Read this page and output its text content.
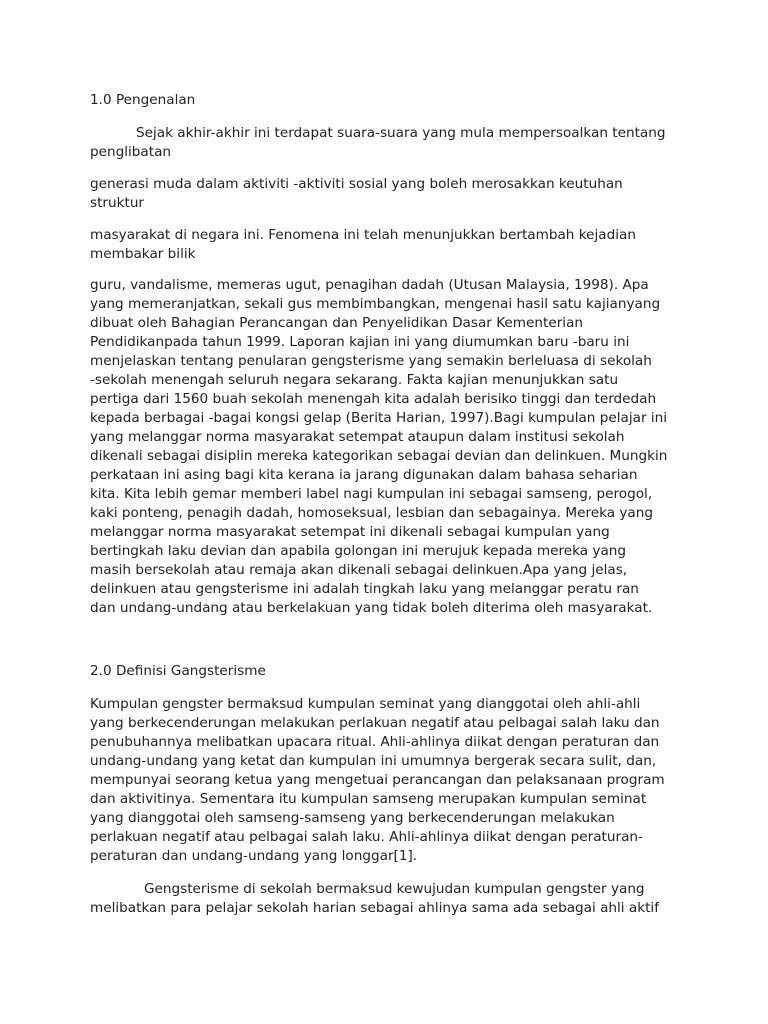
1.0 Pengenalan
Sejak akhir-akhir ini terdapat suara-suara yang mula mempersoalkan tentang
penglibatan
generasi muda dalam aktiviti -aktiviti sosial yang boleh merosakkan keutuhan
struktur
masyarakat di negara ini. Fenomena ini telah menunjukkan bertambah kejadian
membakar bilik
guru, vandalisme, memeras ugut, penagihan dadah (Utusan Malaysia, 1998). Apa
yang memeranjatkan, sekali gus membimbangkan, mengenai hasil satu kajianyang
dibuat oleh Bahagian Perancangan dan Penyelidikan Dasar Kementerian
Pendidikanpada tahun 1999. Laporan kajian ini yang diumumkan baru -baru ini
menjelaskan tentang penularan gengsterisme yang semakin berleluasa di sekolah
-sekolah menengah seluruh negara sekarang. Fakta kajian menunjukkan satu
pertiga dari 1560 buah sekolah menengah kita adalah berisiko tinggi dan terdedah
kepada berbagai -bagai kongsi gelap (Berita Harian, 1997).Bagi kumpulan pelajar ini
yang melanggar norma masyarakat setempat ataupun dalam institusi sekolah
dikenali sebagai disiplin mereka kategorikan sebagai devian dan delinkuen. Mungkin
perkataan ini asing bagi kita kerana ia jarang digunakan dalam bahasa seharian
kita. Kita lebih gemar memberi label nagi kumpulan ini sebagai samseng, perogol,
kaki ponteng, penagih dadah, homoseksual, lesbian dan sebagainya. Mereka yang
melanggar norma masyarakat setempat ini dikenali sebagai kumpulan yang
bertingkah laku devian dan apabila golongan ini merujuk kepada mereka yang
masih bersekolah atau remaja akan dikenali sebagai delinkuen.Apa yang jelas,
delinkuen atau gengsterisme ini adalah tingkah laku yang melanggar peratu ran
dan undang-undang atau berkelakuan yang tidak boleh diterima oleh masyarakat.
2.0 Definisi Gangsterisme
Kumpulan gengster bermaksud kumpulan seminat yang dianggotai oleh ahli-ahli
yang berkecenderungan melakukan perlakuan negatif atau pelbagai salah laku dan
penubuhannya melibatkan upacara ritual. Ahli-ahlinya diikat dengan peraturan dan
undang-undang yang ketat dan kumpulan ini umumnya bergerak secara sulit, dan,
mempunyai seorang ketua yang mengetuai perancangan dan pelaksanaan program
dan aktivitinya. Sementara itu kumpulan samseng merupakan kumpulan seminat
yang dianggotai oleh samseng-samseng yang berkecenderungan melakukan
perlakuan negatif atau pelbagai salah laku. Ahli-ahlinya diikat dengan peraturan-
peraturan dan undang-undang yang longgar[1].
Gengsterisme di sekolah bermaksud kewujudan kumpulan gengster yang
melibatkan para pelajar sekolah harian sebagai ahlinya sama ada sebagai ahli aktif
